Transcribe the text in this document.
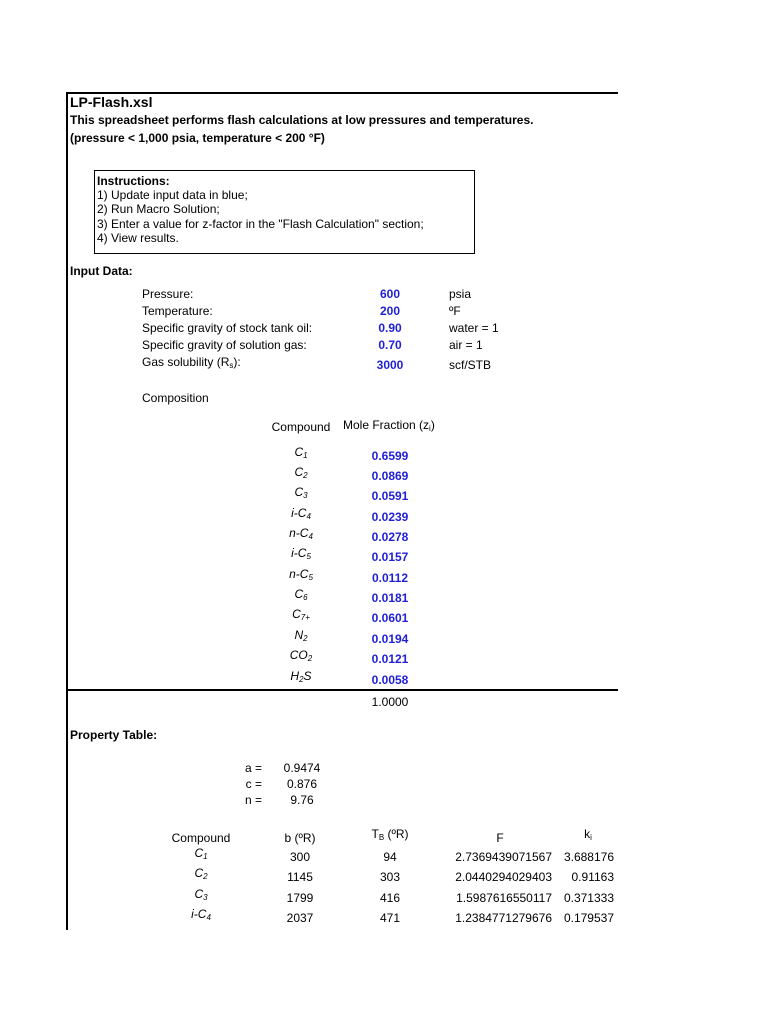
LP-Flash.xsl
This spreadsheet performs flash calculations at low pressures and temperatures.
(pressure < 1,000 psia, temperature < 200 °F)
Instructions:
1) Update input data in blue;
2) Run Macro Solution;
3) Enter a value for z-factor in the "Flash Calculation" section;
4) View results.
Input Data:
Pressure:	600	psia
Temperature:	200	ºF
Specific gravity of stock tank oil:	0.90	water = 1
Specific gravity of solution gas:	0.70	air = 1
Gas solubility $(R_s)$:	3000	scf/STB
Composition
Compound	Mole Fraction $(z_i)$
$C_1$	0.6599
$C_2$	0.0869
$C_3$	0.0591
$i-C_4$	0.0239
$n-C_4$	0.0278
$i-C_5$	0.0157
$n-C_5$	0.0112
$C_6$	0.0181
$C_{7+}$	0.0601
$N_2$	0.0194
$CO_2$	0.0121
$H_2S$	0.0058
1.0000
Property Table:
a =	0.9474
c =	0.876
n =	9.76
Compound	b (ºR)	$T_B$ (ºR)	F	$k_i$
$C_1$	300	94	2.7369439071567 3.688176
$C_2$	1145	303	2.0440294029403	0.91163
$C_3$	1799	416	1.5987616550117 0.371333
$i-C_4$	2037	471	1.2384771279676 0.179537
